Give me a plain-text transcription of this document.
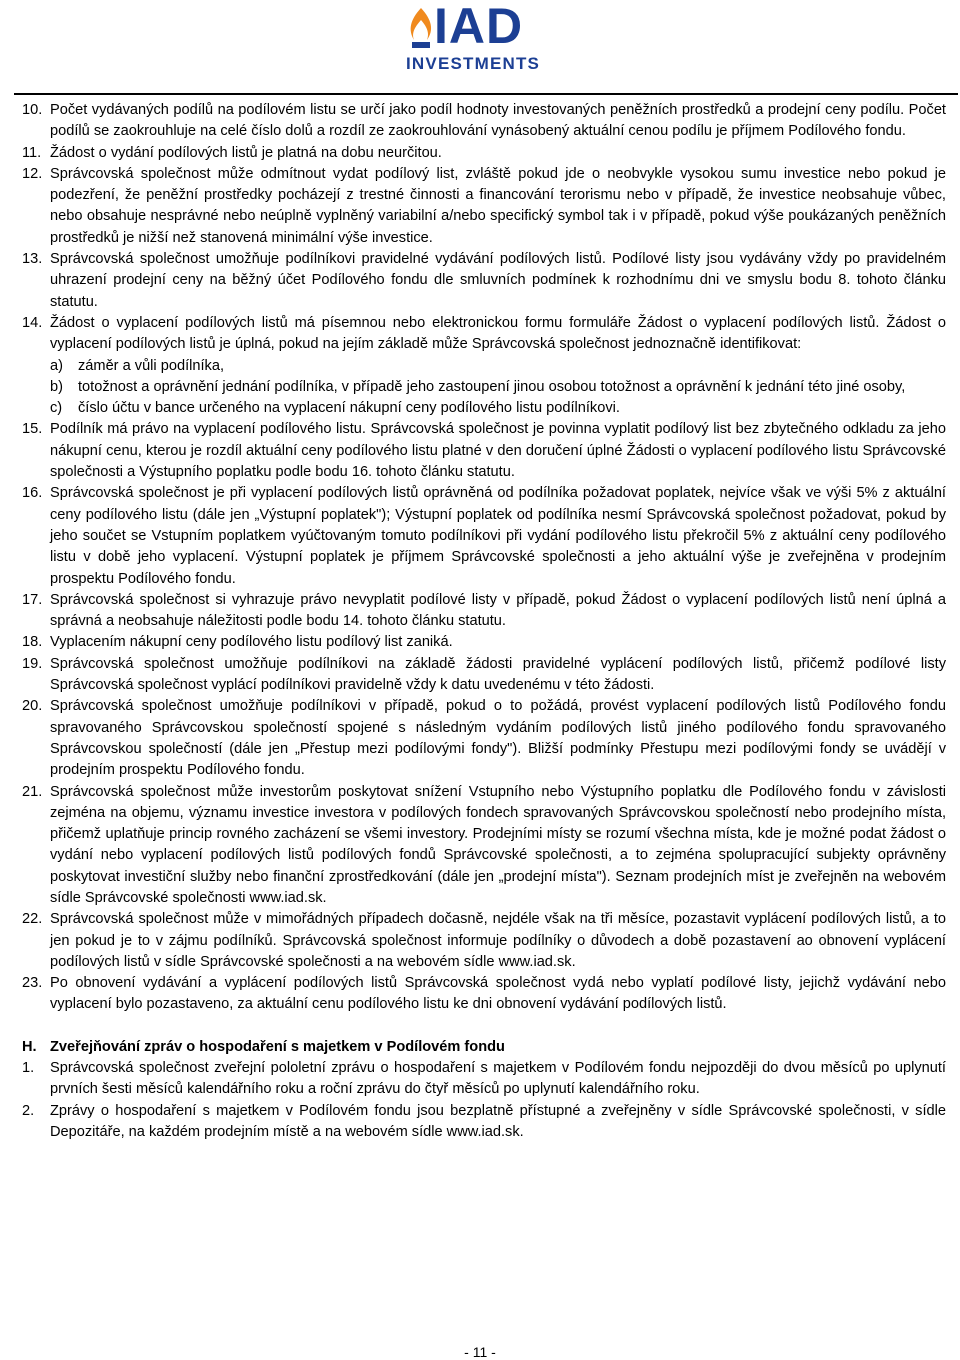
IAD
INVESTMENTS
10. Počet vydávaných podílů na podílovém listu se určí jako podíl hodnoty investovaných peněžních prostředků a prodejní ceny podílu. Počet podílů se zaokrouhluje na celé číslo dolů a rozdíl ze zaokrouhlování vynásobený aktuální cenou podílu je příjmem Podílového fondu.
11. Žádost o vydání podílových listů je platná na dobu neurčitou.
12. Správcovská společnost může odmítnout vydat podílový list, zvláště pokud jde o neobvykle vysokou sumu investice nebo pokud je podezření, že peněžní prostředky pocházejí z trestné činnosti a financování terorismu nebo v případě, že investice neobsahuje vůbec, nebo obsahuje nesprávné nebo neúplně vyplněný variabilní a/nebo specifický symbol tak i v případě, pokud výše poukázaných peněžních prostředků je nižší než stanovená minimální výše investice.
13. Správcovská společnost umožňuje podílníkovi pravidelné vydávání podílových listů. Podílové listy jsou vydávány vždy po pravidelném uhrazení prodejní ceny na běžný účet Podílového fondu dle smluvních podmínek k rozhodnímu dni ve smyslu bodu 8. tohoto článku statutu.
14. Žádost o vyplacení podílových listů má písemnou nebo elektronickou formu formuláře Žádost o vyplacení podílových listů. Žádost o vyplacení podílových listů je úplná, pokud na jejím základě může Správcovská společnost jednoznačně identifikovat:
a)	záměr a vůli podílníka,
b)	totožnost a oprávnění jednání podílníka, v případě jeho zastoupení jinou osobou totožnost a oprávnění k jednání této jiné osoby,
c)	číslo účtu v bance určeného na vyplacení nákupní ceny podílového listu podílníkovi.
15. Podílník má právo na vyplacení podílového listu. Správcovská společnost je povinna vyplatit podílový list bez zbytečného odkladu za jeho nákupní cenu, kterou je rozdíl aktuální ceny podílového listu platné v den doručení úplné Žádosti o vyplacení podílového listu Správcovské společnosti a Výstupního poplatku podle bodu 16. tohoto článku statutu.
16. Správcovská společnost je při vyplacení podílových listů oprávněná od podílníka požadovat poplatek, nejvíce však ve výši 5% z aktuální ceny podílového listu (dále jen „Výstupní poplatek"); Výstupní poplatek od podílníka nesmí Správcovská společnost požadovat, pokud by jeho součet se Vstupním poplatkem vyúčtovaným tomuto podílníkovi při vydání podílového listu překročil 5% z aktuální ceny podílového listu v době jeho vyplacení. Výstupní poplatek je příjmem Správcovské společnosti a jeho aktuální výše je zveřejněna v prodejním prospektu Podílového fondu.
17. Správcovská společnost si vyhrazuje právo nevyplatit podílové listy v případě, pokud Žádost o vyplacení podílových listů není úplná a správná a neobsahuje náležitosti podle bodu 14. tohoto článku statutu.
18. Vyplacením nákupní ceny podílového listu podílový list zaniká.
19. Správcovská společnost umožňuje podílníkovi na základě žádosti pravidelné vyplácení podílových listů, přičemž podílové listy Správcovská společnost vyplácí podílníkovi pravidelně vždy k datu uvedenému v této žádosti.
20. Správcovská společnost umožňuje podílníkovi v případě, pokud o to požádá, provést vyplacení podílových listů Podílového fondu spravovaného Správcovskou společností spojené s následným vydáním podílových listů jiného podílového fondu spravovaného Správcovskou společností (dále jen „Přestup mezi podílovými fondy"). Bližší podmínky Přestupu mezi podílovými fondy se uvádějí v prodejním prospektu Podílového fondu.
21. Správcovská společnost může investorům poskytovat snížení Vstupního nebo Výstupního poplatku dle Podílového fondu v závislosti zejména na objemu, významu investice investora v podílových fondech spravovaných Správcovskou společností nebo prodejního místa, přičemž uplatňuje princip rovného zacházení se všemi investory. Prodejními místy se rozumí všechna místa, kde je možné podat žádost o vydání nebo vyplacení podílových listů podílových fondů Správcovské společnosti, a to zejména spolupracující subjekty oprávněny poskytovat investiční služby nebo finanční zprostředkování (dále jen „prodejní místa"). Seznam prodejních míst je zveřejněn na webovém sídle Správcovské společnosti www.iad.sk.
22. Správcovská společnost může v mimořádných případech dočasně, nejdéle však na tři měsíce, pozastavit vyplácení podílových listů, a to jen pokud je to v zájmu podílníků. Správcovská společnost informuje podílníky o důvodech a době pozastavení ao obnovení vyplácení podílových listů v sídle Správcovské společnosti a na webovém sídle www.iad.sk.
23. Po obnovení vydávání a vyplácení podílových listů Správcovská společnost vydá nebo vyplatí podílové listy, jejichž vydávání nebo vyplacení bylo pozastaveno, za aktuální cenu podílového listu ke dni obnovení vydávání podílových listů.
H. Zveřejňování zpráv o hospodaření s majetkem v Podílovém fondu
1.	Správcovská společnost zveřejní pololetní zprávu o hospodaření s majetkem v Podílovém fondu nejpozději do dvou měsíců po uplynutí prvních šesti měsíců kalendářního roku a roční zprávu do čtyř měsíců po uplynutí kalendářního roku.
2.	Zprávy o hospodaření s majetkem v Podílovém fondu jsou bezplatně přístupné a zveřejněny v sídle Správcovské společnosti, v sídle Depozitáře, na každém prodejním místě a na webovém sídle www.iad.sk.
- 11 -
